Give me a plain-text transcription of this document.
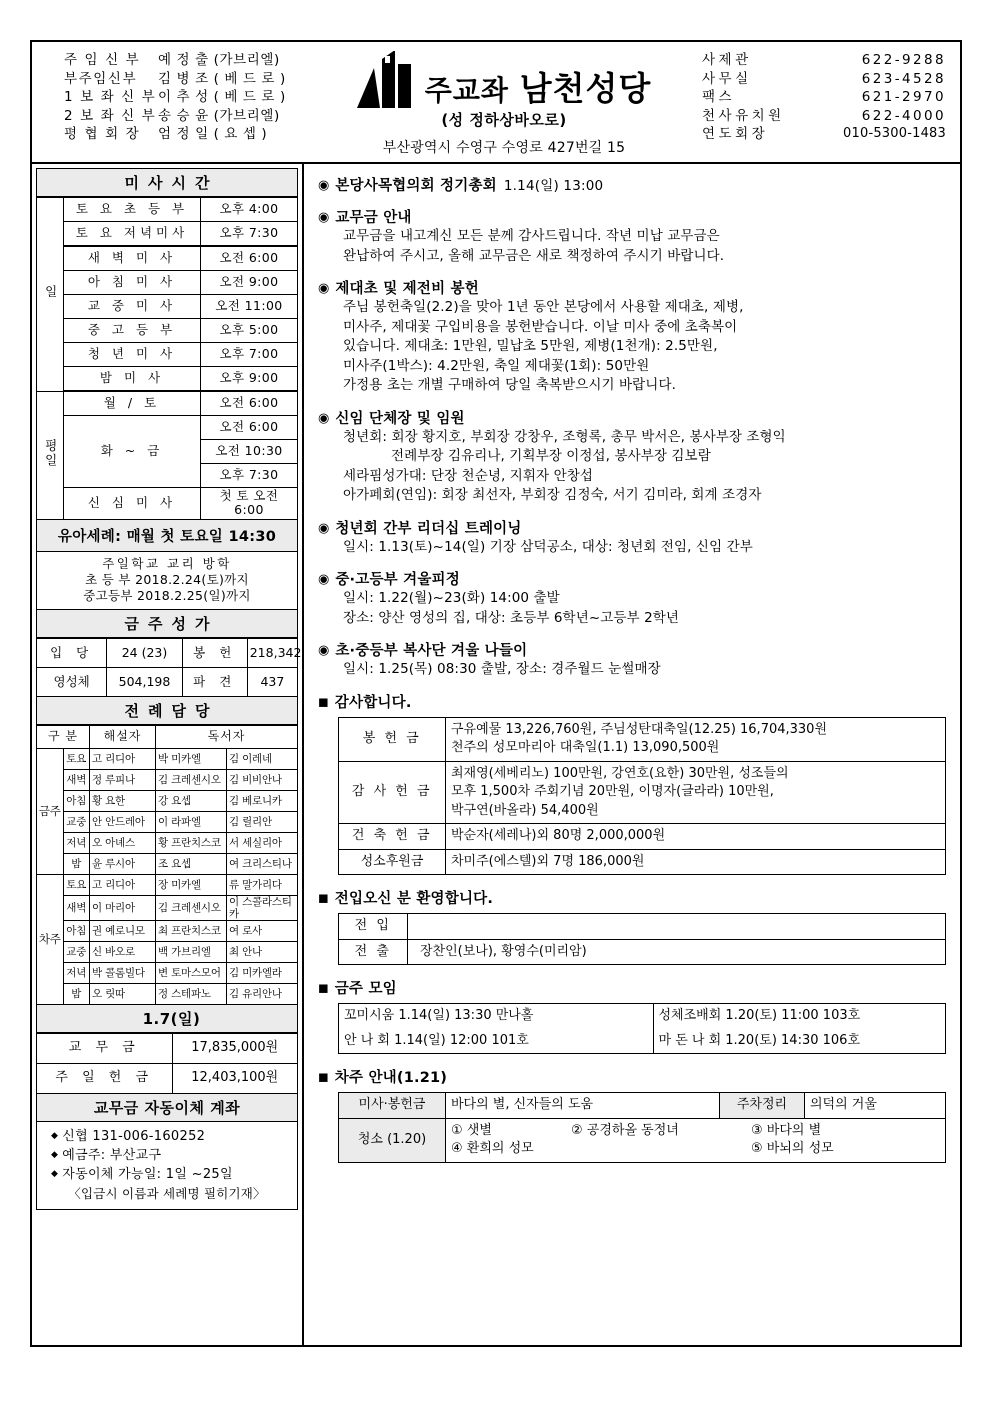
주 임 신 부	예 정 출 (가브리엘)
부주임신부	김 병 조 ( 베 드 로 )
1 보 좌 신 부 이 추 성 ( 베 드 로 )
2 보 좌 신 부 송 승 윤 (가브리엘)
평 협 회 장	엄 정 일 ( 요 셉 )
주교좌 남천성당
(성 정하상바오로)
부산광역시 수영구 수영로 427번길 15
사제관	622-9288
사무실	623-4528
팩스	621-2970
천사유치원	622-4000
연도회장	010-5300-1483
미사시간
일	토 요 초 등 부	오후 4:00
	토 요 저녁미사	오후 7:30
	새 벽 미 사	오전 6:00
	아 침 미 사	오전 9:00
	교 중 미 사	오전 11:00
	중 고 등 부	오후 5:00
	청 년 미 사	오후 7:00
	밤 미 사	오후 9:00
평일	월 / 토	오전 6:00
	화 ~ 금	오전 6:00
		오전 10:30
		오후 7:30
	신 심 미 사	첫 토 오전 6:00
유아세례: 매월 첫 토요일 14:30
주일학교 교리 방학
초 등 부 2018.2.24(토)까지
중고등부 2018.2.25(일)까지
금주성가
입 당	24 (23)	봉 헌	218,342
영성체	504,198	파 견	437
전례담당
구 분		해설자	독서자	

금주	토요	고 리디아	박 미카엘	김 이레네
	새벽	정 루피나	김 크레센시오	김 비비안나
	아침	황 요한	강 요셉	김 베로니카
	교중	안 안드레아	이 라파엘	김 릴리안
	저녁	오 아녜스	황 프란치스코	서 세실리아
	밤	윤 루시아	조 요셉	여 크리스티나

차주	토요	고 리디아	장 미카엘	류 말가리다
	새벽	이 마리아	김 크레센시오	이 스콜라스티카
	아침	권 예로니모	최 프란치스코	여 로사
	교중	신 바오로	백 가브리엘	최 안나
	저녁	박 콜롬빌다	변 토마스모어	김 미카엘라
	밤	오 릿따	정 스테파노	김 유리안나
1.7(일)
교 무 금	17,835,000원
주 일 헌 금	12,403,100원
교무금 자동이체 계좌
◆ 신협 131-006-160252
◆ 예금주: 부산교구
◆ 자동이체 가능일: 1일 ~25일
〈입금시 이름과 세례명 필히기재〉
◉ 본당사목협의회 정기총회 1.14(일) 13:00
◉ 교무금 안내
교무금을 내고계신 모든 분께 감사드립니다. 작년 미납 교무금은
완납하여 주시고, 올해 교무금은 새로 책정하여 주시기 바랍니다.
◉ 제대초 및 제전비 봉헌
주님 봉헌축일(2.2)을 맞아 1년 동안 본당에서 사용할 제대초, 제병,
미사주, 제대꽃 구입비용을 봉헌받습니다. 이날 미사 중에 초축복이
있습니다. 제대초: 1만원, 밀납초 5만원, 제병(1천개): 2.5만원,
미사주(1박스): 4.2만원, 축일 제대꽃(1회): 50만원
가정용 초는 개별 구매하여 당일 축복받으시기 바랍니다.
◉ 신임 단체장 및 임원
청년회: 회장 황지호, 부회장 강창우, 조형록, 총무 박서은, 봉사부장 조형익
전례부장 김유리나, 기획부장 이정섭, 봉사부장 김보람
세라핌성가대: 단장 천순녕, 지휘자 안창섭
아가페회(연임): 회장 최선자, 부회장 김정숙, 서기 김미라, 회계 조경자
◉ 청년회 간부 리더십 트레이닝
일시: 1.13(토)~14(일) 기장 삼덕공소, 대상: 청년회 전임, 신임 간부
◉ 중·고등부 겨울피정
일시: 1.22(월)~23(화) 14:00 출발
장소: 양산 영성의 집, 대상: 초등부 6학년~고등부 2학년
◉ 초·중등부 복사단 겨울 나들이
일시: 1.25(목) 08:30 출발, 장소: 경주월드 눈썰매장
◼ 감사합니다.
봉 헌 금	구유예물 13,226,760원, 주님성탄대축일(12.25) 16,704,330원
천주의 성모마리아 대축일(1.1) 13,090,500원

감 사 헌 금	최재영(세베리노) 100만원, 강연호(요한) 30만원, 성조들의
모후 1,500차 주회기념 20만원, 이명자(글라라) 10만원,
박구연(바올라) 54,400원

건 축 헌 금	박순자(세레나)외 80명 2,000,000원
성소후원금	차미주(에스텔)외 7명 186,000원
◼ 전입오신 분 환영합니다.
전 입	
전 출	장찬인(보나), 황영수(미리암)
◼ 금주 모임
꼬미시움 1.14(일) 13:30 만나홀	성체조배회 1.20(토) 11:00 103호
안 나 회 1.14(일) 12:00 101호	마 돈 나 회 1.20(토) 14:30 106호
◼ 차주 안내(1.21)
미사·봉헌금	바다의 별, 신자들의 도움	주차정리	의덕의 거울
청소 (1.20)	① 샛별 ② 공경하올 동정녀 ③ 바다의 별
④ 환희의 성모 ⑤ 바뇌의 성모		
